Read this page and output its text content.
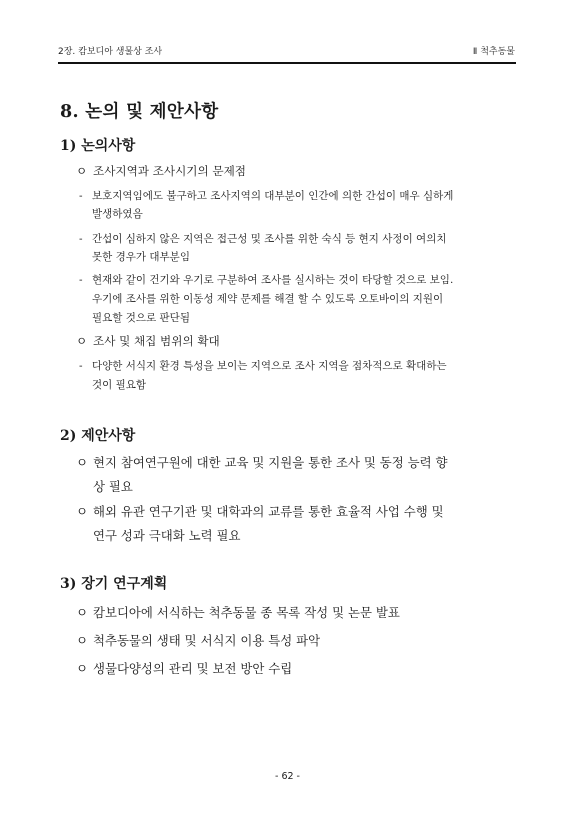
2장. 캄보디아 생물상 조사	Ⅱ 척추동물
8. 논의 및 제안사항
1) 논의사항
ㅇ 조사지역과 조사시기의 문제점
- 보호지역임에도 불구하고 조사지역의 대부분이 인간에 의한 간섭이 매우 심하게
발생하였음
- 간섭이 심하지 않은 지역은 접근성 및 조사를 위한 숙식 등 현지 사정이 여의치
못한 경우가 대부분임
- 현재와 같이 건기와 우기로 구분하여 조사를 실시하는 것이 타당할 것으로 보임.
우기에 조사를 위한 이동성 제약 문제를 해결 할 수 있도록 오토바이의 지원이
필요할 것으로 판단됨
ㅇ 조사 및 채집 범위의 확대
- 다양한 서식지 환경 특성을 보이는 지역으로 조사 지역을 점차적으로 확대하는
것이 필요함
2) 제안사항
ㅇ 현지 참여연구원에 대한 교육 및 지원을 통한 조사 및 동정 능력 향
상 필요
ㅇ 해외 유관 연구기관 및 대학과의 교류를 통한 효율적 사업 수행 및
연구 성과 극대화 노력 필요
3) 장기 연구계획
ㅇ 캄보디아에 서식하는 척추동물 종 목록 작성 및 논문 발표
ㅇ 척추동물의 생태 및 서식지 이용 특성 파악
ㅇ 생물다양성의 관리 및 보전 방안 수립
- 62 -
